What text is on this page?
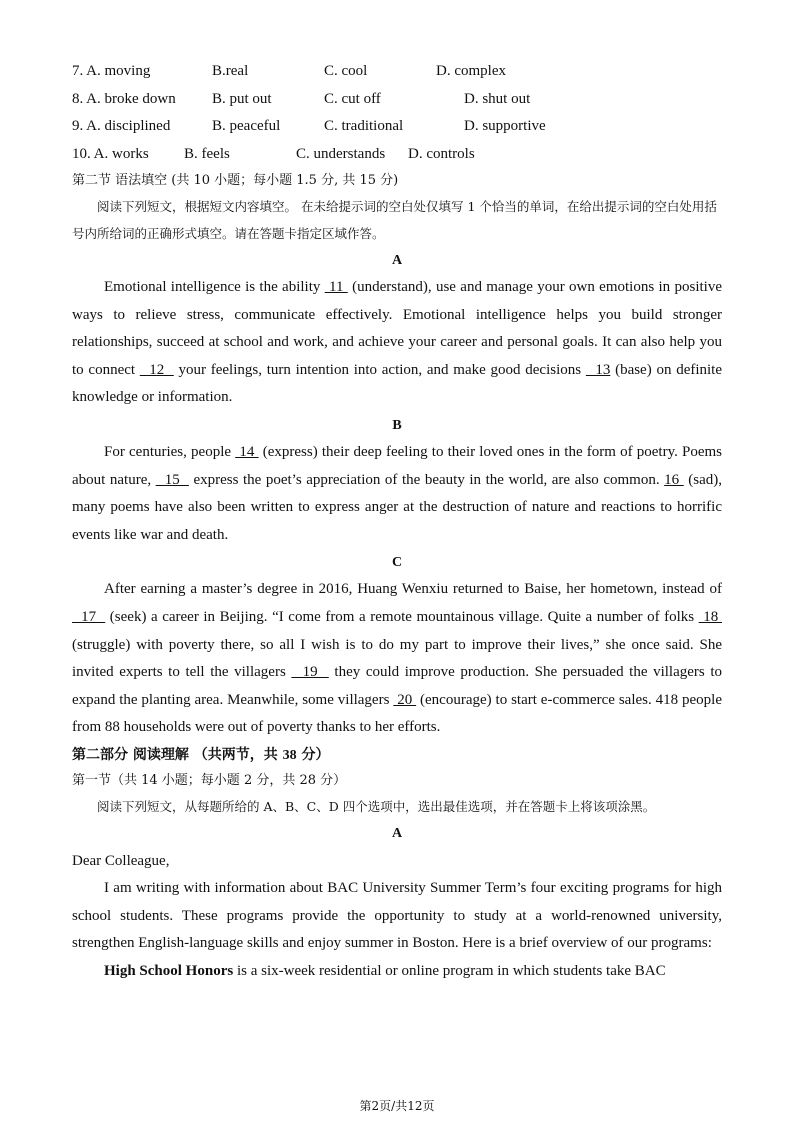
7. A. moving	B.real	C. cool	D. complex
8. A. broke down B. put out	C. cut off	D. shut out
9. A. disciplined	B. peaceful	C. traditional	D. supportive
10. A. works B. feels	C. understands D. controls
第二节 语法填空 (共 10 小题；每小题 1.5 分, 共 15 分)
阅读下列短文，根据短文内容填空。 在未给提示词的空白处仅填写 1 个恰当的单词，在给出提示词的空白处用括号内所给词的正确形式填空。请在答题卡指定区域作答。
A
Emotional intelligence is the ability  11  (understand), use and manage your own emotions in positive ways to relieve stress, communicate effectively. Emotional intelligence helps you build stronger relationships, succeed at school and work, and achieve your career and personal goals. It can also help you to connect   12   your feelings, turn intention into action, and make good decisions   13 (base) on definite knowledge or information.
B
For centuries, people  14  (express) their deep feeling to their loved ones in the form of poetry. Poems about nature,   15   express the poet’s appreciation of the beauty in the world, are also common. 16  (sad), many poems have also been written to express anger at the destruction of nature and reactions to horrific events like war and death.
C
After earning a master’s degree in 2016, Huang Wenxiu returned to Baise, her hometown, instead of   17   (seek) a career in Beijing. “I come from a remote mountainous village. Quite a number of folks  18  (struggle) with poverty there, so all I wish is to do my part to improve their lives,” she once said. She invited experts to tell the villagers   19   they could improve production. She persuaded the villagers to expand the planting area. Meanwhile, some villagers  20  (encourage) to start e-commerce sales. 418 people from 88 households were out of poverty thanks to her efforts.
第二部分 阅读理解 （共两节，共 38 分）
第一节（共 14 小题；每小题 2 分，共 28 分）
阅读下列短文，从每题所给的 A、B、C、D 四个选项中，选出最佳选项，并在答题卡上将该项涂黑。
A
Dear Colleague,
I am writing with information about BAC University Summer Term’s four exciting programs for high school students. These programs provide the opportunity to study at a world-renowned university, strengthen English-language skills and enjoy summer in Boston. Here is a brief overview of our programs:
High School Honors is a six-week residential or online program in which students take BAC
第2页/共12页
